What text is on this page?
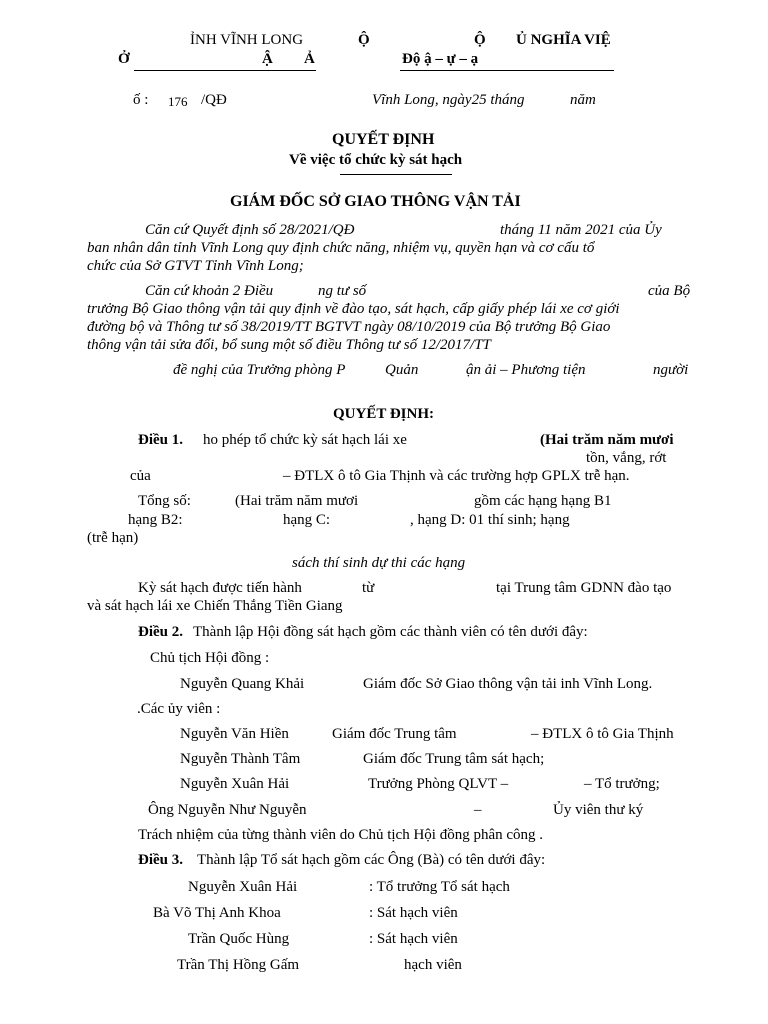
ỈNH VĨNH LONG	Ộ	Ộ Ủ NGHĨA VIỆ
Ở	Ậ Ả	Độ ậ – ự – ạ
ố : 176 /QĐ	Vĩnh Long, ngày25 tháng	năm
QUYẾT ĐỊNH
Về việc tổ chức kỳ sát hạch
GIÁM ĐỐC SỞ GIAO THÔNG VẬN TẢI
Căn cứ Quyết định số 28/2021/QĐ	tháng 11 năm 2021 của Ủy
ban nhân dân tỉnh Vĩnh Long quy định chức năng, nhiệm vụ, quyền hạn và cơ cấu tổ
chức của Sở GTVT Tỉnh Vĩnh Long;
Căn cứ khoản 2 Điều	ng tư số	của Bộ
trưởng Bộ Giao thông vận tải quy định về đào tạo, sát hạch, cấp giấy phép lái xe cơ giới
đường bộ và Thông tư số 38/2019/TT BGTVT ngày 08/10/2019 của Bộ trưởng Bộ Giao
thông vận tải sửa đổi, bổ sung một số điều Thông tư số 12/2017/TT
đề nghị của Trưởng phòng P	Quản	ận ải – Phương tiện	người
QUYẾT ĐỊNH:
Điều 1. ho phép tổ chức kỳ sát hạch lái xe	(Hai trăm năm mươi
tồn, vắng, rớt
của	– ĐTLX ô tô Gia Thịnh và các trường hợp GPLX trễ hạn.
Tổng số:	(Hai trăm năm mươi	gồm các hạng hạng B1
hạng B2:	hạng C:	, hạng D: 01 thí sinh; hạng
(trễ hạn)
sách thí sinh dự thi các hạng
Kỳ sát hạch được tiến hành	từ	tại Trung tâm GDNN đào tạo
và sát hạch lái xe Chiến Thắng Tiền Giang
Điều 2. Thành lập Hội đồng sát hạch gồm các thành viên có tên dưới đây:
Chủ tịch Hội đồng :
Nguyễn Quang Khải	Giám đốc Sở Giao thông vận tải inh Vĩnh Long.
.Các ủy viên :
Nguyễn Văn Hiền	Giám đốc Trung tâm	– ĐTLX ô tô Gia Thịnh
Nguyễn Thành Tâm	Giám đốc Trung tâm sát hạch;
Nguyễn Xuân Hải	Trưởng Phòng QLVT –	– Tổ trưởng;
Ông Nguyễn Như Nguyễn	–	Ủy viên thư ký
Trách nhiệm của từng thành viên do Chủ tịch Hội đồng phân công .
Điều 3. Thành lập Tổ sát hạch gồm các Ông (Bà) có tên dưới đây:
Nguyễn Xuân Hải	: Tổ trưởng Tổ sát hạch
Bà Võ Thị Anh Khoa	: Sát hạch viên
Trần Quốc Hùng	: Sát hạch viên
Trần Thị Hồng Gấm	hạch viên
